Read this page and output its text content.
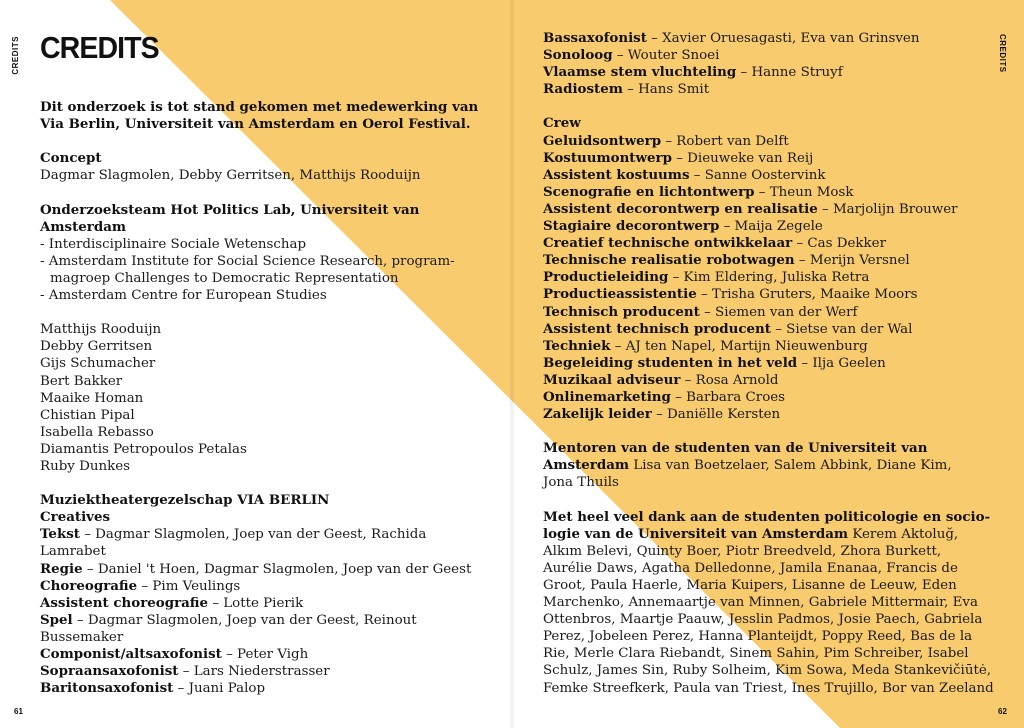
CREDITS CREDITS
Dit onderzoek is tot stand gekomen met medewerking van
Via Berlin, Universiteit van Amsterdam en Oerol Festival.
Concept
Dagmar Slagmolen, Debby Gerritsen, Matthijs Rooduijn
Onderzoeksteam Hot Politics Lab, Universiteit van
Amsterdam
- Interdisciplinaire Sociale Wetenschap
- Amsterdam Institute for Social Science Research, program-
magroep Challenges to Democratic Representation
- Amsterdam Centre for European Studies
Matthijs Rooduijn
Debby Gerritsen
Gijs Schumacher
Bert Bakker
Maaike Homan
Chistian Pipal
Isabella Rebasso
Diamantis Petropoulos Petalas
Ruby Dunkes
Muziektheatergezelschap VIA BERLIN
Creatives
Tekst – Dagmar Slagmolen, Joep van der Geest, Rachida
Lamrabet
Regie – Daniel 't Hoen, Dagmar Slagmolen, Joep van der Geest
Choreografie – Pim Veulings
Assistent choreografie – Lotte Pierik
Spel – Dagmar Slagmolen, Joep van der Geest, Reinout
Bussemaker
Componist/altsaxofonist – Peter Vigh
Sopraansaxofonist – Lars Niederstrasser
Baritonsaxofonist – Juani Palop
61
CREDITS
Bassaxofonist – Xavier Oruesagasti, Eva van Grinsven
Sonoloog – Wouter Snoei
Vlaamse stem vluchteling – Hanne Struyf
Radiostem – Hans Smit
Crew
Geluidsontwerp – Robert van Delft
Kostuumontwerp – Dieuweke van Reij
Assistent kostuums – Sanne Oostervink
Scenografie en lichtontwerp – Theun Mosk
Assistent decorontwerp en realisatie – Marjolijn Brouwer
Stagiaire decorontwerp – Maija Zegele
Creatief technische ontwikkelaar – Cas Dekker
Technische realisatie robotwagen – Merijn Versnel
Productieleiding – Kim Eldering, Juliska Retra
Productieassistentie – Trisha Gruters, Maaike Moors
Technisch producent – Siemen van der Werf
Assistent technisch producent – Sietse van der Wal
Techniek – AJ ten Napel, Martijn Nieuwenburg
Begeleiding studenten in het veld – Ilja Geelen
Muzikaal adviseur – Rosa Arnold
Onlinemarketing – Barbara Croes
Zakelijk leider – Daniëlle Kersten
Mentoren van de studenten van de Universiteit van
Amsterdam Lisa van Boetzelaer, Salem Abbink, Diane Kim,
Jona Thuils
Met heel veel dank aan de studenten politicologie en socio-
logie van de Universiteit van Amsterdam Kerem Aktoluğ,
Alkım Belevi, Quinty Boer, Piotr Breedveld, Zhora Burkett,
Aurélie Daws, Agatha Delledonne, Jamila Enanaa, Francis de
Groot, Paula Haerle, Maria Kuipers, Lisanne de Leeuw, Eden
Marchenko, Annemaartje van Minnen, Gabriele Mittermair, Eva
Ottenbros, Maartje Paauw, Jesslin Padmos, Josie Paech, Gabriela
Perez, Jobeleen Perez, Hanna Planteijdt, Poppy Reed, Bas de la
Rie, Merle Clara Riebandt, Sinem Sahin, Pim Schreiber, Isabel
Schulz, James Sin, Ruby Solheim, Kim Sowa, Meda Stankevičiūtė,
Femke Streefkerk, Paula van Triest, Ines Trujillo, Bor van Zeeland
62
